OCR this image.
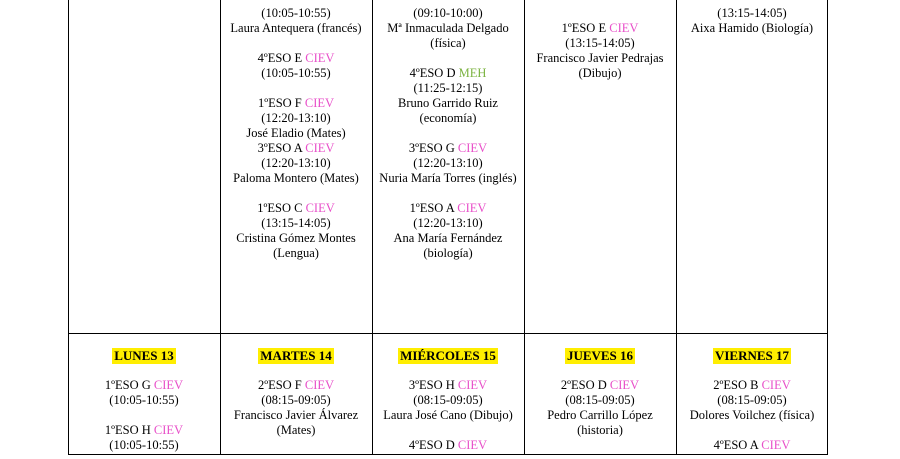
(10:05-10:55)

Laura Antequera (francés)

4ºESO E CIEV

(10:05-10:55)

1ºESO F CIEV

(12:20-13:10)

José Eladio (Mates)

3ºESO A CIEV

(12:20-13:10)

Paloma Montero (Mates)

1ºESO C CIEV

(13:15-14:05)

Cristina Gómez Montes

(Lengua)

(09:10-10:00)

Mª Inmaculada Delgado

(física)

4ºESO D MEH

(11:25-12:15)

Bruno Garrido Ruiz

(economía)

3ºESO G CIEV

(12:20-13:10)

Nuria María Torres (inglés)

1ºESO A CIEV

(12:20-13:10)

Ana María Fernández

(biología)

1ºESO E CIEV

(13:15-14:05)

Francisco Javier Pedrajas

(Dibujo)

(13:15-14:05)

Aixa Hamido (Biología)

LUNES 13

1ºESO G CIEV

(10:05-10:55)

1ºESO H CIEV

(10:05-10:55)

MARTES 14

2ºESO F CIEV

(08:15-09:05)

Francisco Javier Álvarez

(Mates)

MIÉRCOLES 15

3ºESO H CIEV

(08:15-09:05)

Laura José Cano (Dibujo)

4ºESO D CIEV

JUEVES 16

2ºESO D CIEV

(08:15-09:05)

Pedro Carrillo López

(historia)

VIERNES 17

2ºESO B CIEV

(08:15-09:05)

Dolores Voilchez (física)

4ºESO A CIEV
